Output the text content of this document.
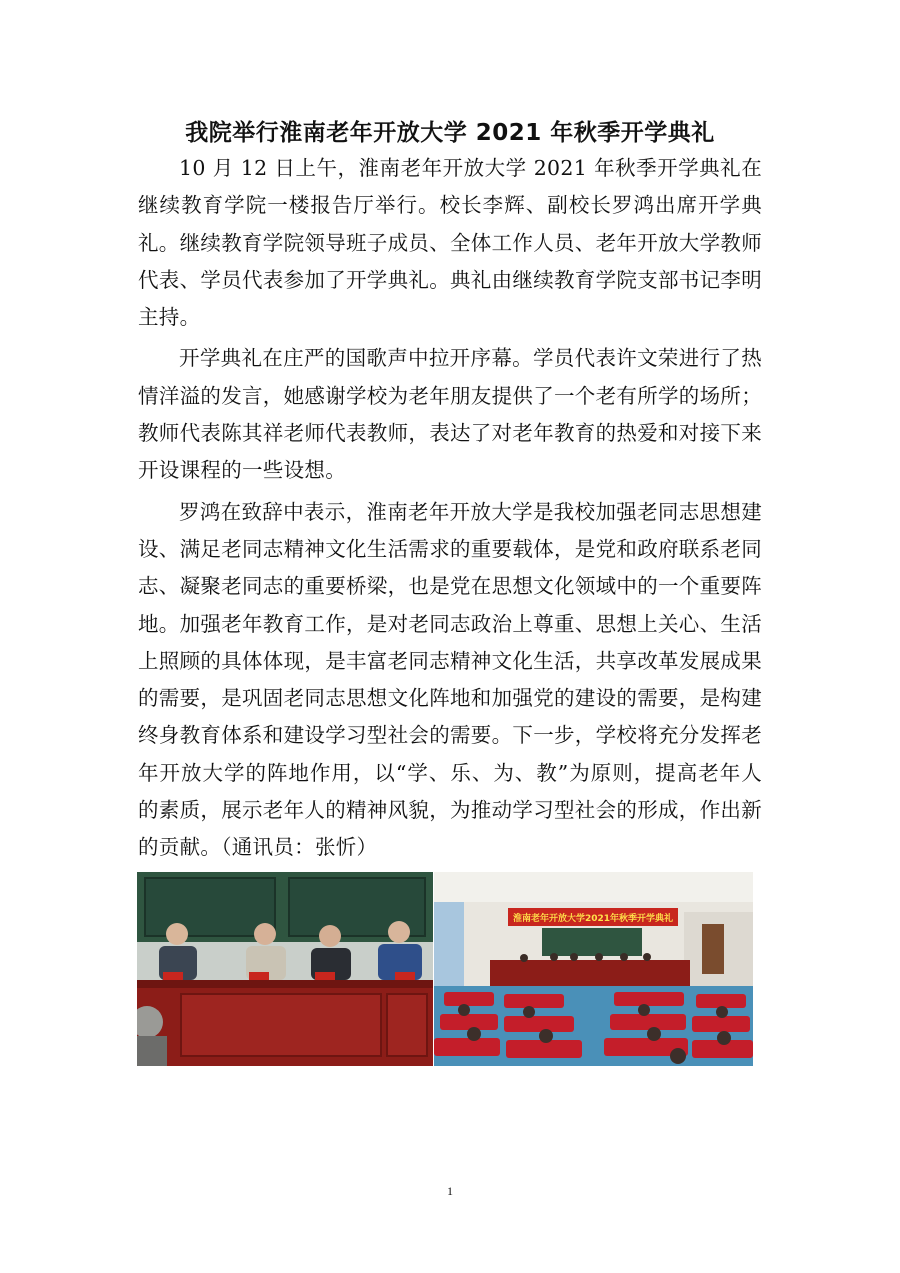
我院举行淮南老年开放大学 2021 年秋季开学典礼

10 月 12 日上午，淮南老年开放大学 2021 年秋季开学典礼在继续教育学院一楼报告厅举行。校长李辉、副校长罗鸿出席开学典礼。继续教育学院领导班子成员、全体工作人员、老年开放大学教师代表、学员代表参加了开学典礼。典礼由继续教育学院支部书记李明主持。

开学典礼在庄严的国歌声中拉开序幕。学员代表许文荣进行了热情洋溢的发言，她感谢学校为老年朋友提供了一个老有所学的场所；教师代表陈其祥老师代表教师，表达了对老年教育的热爱和对接下来开设课程的一些设想。

罗鸿在致辞中表示，淮南老年开放大学是我校加强老同志思想建设、满足老同志精神文化生活需求的重要载体，是党和政府联系老同志、凝聚老同志的重要桥梁，也是党在思想文化领域中的一个重要阵地。加强老年教育工作，是对老同志政治上尊重、思想上关心、生活上照顾的具体体现，是丰富老同志精神文化生活，共享改革发展成果的需要，是巩固老同志思想文化阵地和加强党的建设的需要，是构建终身教育体系和建设学习型社会的需要。下一步，学校将充分发挥老年开放大学的阵地作用，以“学、乐、为、教”为原则，提高老年人的素质，展示老年人的精神风貌，为推动学习型社会的形成，作出新的贡献。（通讯员：张忻）

淮南老年开放大学2021年秋季开学典礼
1
